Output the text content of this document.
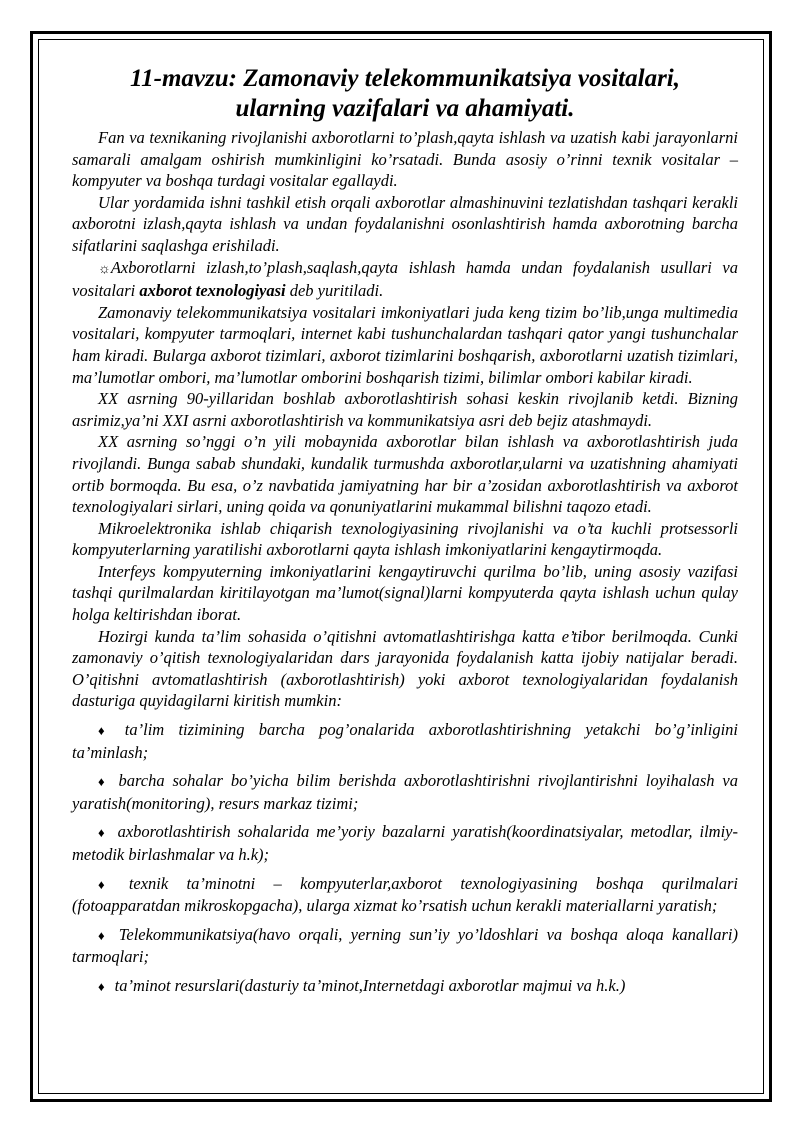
11-mavzu: Zamonaviy telekommunikatsiya vositalari,
ularning vazifalari va ahamiyati.

Fan va texnikaning rivojlanishi axborotlarni to’plash,qayta ishlash va uzatish kabi jarayonlarni samarali amalgam oshirish mumkinligini ko’rsatadi. Bunda asosiy o’rinni texnik vositalar – kompyuter va boshqa turdagi vositalar egallaydi.

Ular yordamida ishni tashkil etish orqali axborotlar almashinuvini tezlatishdan tashqari kerakli axborotni izlash,qayta ishlash va undan foydalanishni osonlashtirish hamda axborotning barcha sifatlarini saqlashga erishiladi.

☼Axborotlarni izlash,to’plash,saqlash,qayta ishlash hamda undan foydalanish usullari va vositalari axborot texnologiyasi deb yuritiladi.

Zamonaviy telekommunikatsiya vositalari imkoniyatlari juda keng tizim bo’lib,unga multimedia vositalari, kompyuter tarmoqlari, internet kabi tushunchalardan tashqari qator yangi tushunchalar ham kiradi. Bularga axborot tizimlari, axborot tizimlarini boshqarish, axborotlarni uzatish tizimlari, ma’lumotlar ombori, ma’lumotlar omborini boshqarish tizimi, bilimlar ombori kabilar kiradi.

XX asrning 90-yillaridan boshlab axborotlashtirish sohasi keskin rivojlanib ketdi. Bizning asrimiz,ya’ni XXI asrni axborotlashtirish va kommunikatsiya asri deb bejiz atashmaydi.

XX asrning so’nggi o’n yili mobaynida axborotlar bilan ishlash va axborotlashtirish juda rivojlandi. Bunga sabab shundaki, kundalik turmushda axborotlar,ularni va uzatishning ahamiyati ortib bormoqda. Bu esa, o’z navbatida jamiyatning har bir a’zosidan axborotlashtirish va axborot texnologiyalari sirlari, uning qoida va qonuniyatlarini mukammal bilishni taqozo etadi.

Mikroelektronika ishlab chiqarish texnologiyasining rivojlanishi va o’ta kuchli protsessorli kompyuterlarning yaratilishi axborotlarni qayta ishlash imkoniyatlarini kengaytirmoqda.

Interfeys kompyuterning imkoniyatlarini kengaytiruvchi qurilma bo’lib, uning asosiy vazifasi tashqi qurilmalardan kiritilayotgan ma’lumot(signal)larni kompyuterda qayta ishlash uchun qulay holga keltirishdan iborat.

Hozirgi kunda ta’lim sohasida o’qitishni avtomatlashtirishga katta e’tibor berilmoqda. Cunki zamonaviy o’qitish texnologiyalaridan dars jarayonida foydalanish katta ijobiy natijalar beradi. O’qitishni avtomatlashtirish (axborotlashtirish) yoki axborot texnologiyalaridan foydalanish dasturiga quyidagilarni kiritish mumkin:

♦ ta’lim tizimining barcha pog’onalarida axborotlashtirishning yetakchi bo’g’inligini ta’minlash;

♦ barcha sohalar bo’yicha bilim berishda axborotlashtirishni rivojlantirishni loyihalash va yaratish(monitoring), resurs markaz tizimi;

♦ axborotlashtirish sohalarida me’yoriy bazalarni yaratish(koordinatsiyalar, metodlar, ilmiy-metodik birlashmalar va h.k);

♦ texnik ta’minotni – kompyuterlar,axborot texnologiyasining boshqa qurilmalari (fotoapparatdan mikroskopgacha), ularga xizmat ko’rsatish uchun kerakli materiallarni yaratish;

♦ Telekommunikatsiya(havo orqali, yerning sun’iy yo’ldoshlari va boshqa aloqa kanallari) tarmoqlari;

♦ ta’minot resurslari(dasturiy ta’minot,Internetdagi axborotlar majmui va h.k.)
